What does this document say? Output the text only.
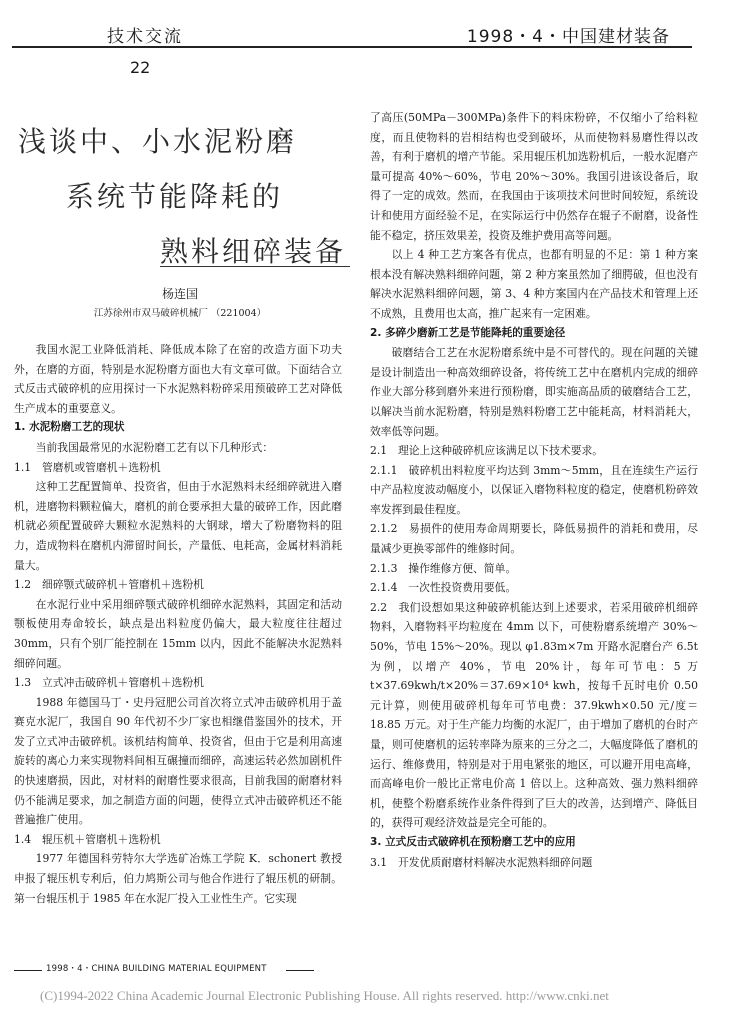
技术交流	1998・4・中国建材装备
22
浅谈中、小水泥粉磨
系统节能降耗的
熟料细碎装备
杨连国
江苏徐州市双马破碎机械厂 （221004）

我国水泥工业降低消耗、降低成本除了在窑的改造方面下功夫外，在磨的方面，特别是水泥粉磨方面也大有文章可做。下面结合立式反击式破碎机的应用探讨一下水泥熟料粉碎采用预破碎工艺对降低生产成本的重要意义。

1. 水泥粉磨工艺的现状

当前我国最常见的水泥粉磨工艺有以下几种形式：

1.1　管磨机或管磨机＋选粉机

这种工艺配置简单、投资省，但由于水泥熟料未经细碎就进入磨机，进磨物料颗粒偏大，磨机的前仓要承担大量的破碎工作，因此磨机就必须配置破碎大颗粒水泥熟料的大钢球，增大了粉磨物料的阻力，造成物料在磨机内滞留时间长，产量低、电耗高，金属材料消耗量大。

1.2　细碎颚式破碎机＋管磨机＋选粉机

在水泥行业中采用细碎颚式破碎机细碎水泥熟料，其固定和活动颚板使用寿命较长，缺点是出料粒度仍偏大，最大粒度往往超过 30mm，只有个别厂能控制在 15mm 以内，因此不能解决水泥熟料细碎问题。

1.3　立式冲击破碎机＋管磨机＋选粉机

1988 年德国马丁・史丹冠肥公司首次将立式冲击破碎机用于盖赛克水泥厂，我国自 90 年代初不少厂家也相继借鉴国外的技术，开发了立式冲击破碎机。该机结构简单、投资省，但由于它是利用高速旋转的离心力来实现物料间相互碾撞而细碎，高速运转必然加剧机件的快速磨损，因此，对材料的耐磨性要求很高，目前我国的耐磨材料仍不能满足要求，加之制造方面的问题，使得立式冲击破碎机还不能普遍推广使用。

1.4　辊压机＋管磨机＋选粉机

1977 年德国科劳特尔大学选矿冶炼工学院 K．schonert 教授申报了辊压机专利后，伯力鸠斯公司与他合作进行了辊压机的研制。第一台辊压机于 1985 年在水泥厂投入工业性生产。它实现

了高压(50MPa－300MPa)条件下的料床粉碎，不仅缩小了给料粒度，而且使物料的岩相结构也受到破坏，从而使物料易磨性得以改善，有利于磨机的增产节能。采用辊压机加选粉机后，一般水泥磨产量可提高 40%～60%，节电 20%～30%。我国引进该设备后，取得了一定的成效。然而，在我国由于该项技术问世时间较短，系统设计和使用方面经验不足，在实际运行中仍然存在辊子不耐磨，设备性能不稳定，挤压效果差，投资及维护费用高等问题。

以上 4 种工艺方案各有优点，也都有明显的不足：第 1 种方案根本没有解决熟料细碎问题，第 2 种方案虽然加了细腭破，但也没有解决水泥熟料细碎问题，第 3、4 种方案国内在产品技术和管理上还不成熟，且费用也太高，推广起来有一定困难。

2. 多碎少磨新工艺是节能降耗的重要途径

破磨结合工艺在水泥粉磨系统中是不可替代的。现在问题的关键是设计制造出一种高效细碎设备，将传统工艺中在磨机内完成的细碎作业大部分移到磨外来进行预粉磨，即实施高品质的破磨结合工艺，以解决当前水泥粉磨，特别是熟料粉磨工艺中能耗高，材料消耗大，效率低等问题。

2.1　理论上这种破碎机应该满足以下技术要求。

2.1.1　破碎机出料粒度平均达到 3mm～5mm，且在连续生产运行中产品粒度波动幅度小，以保证入磨物料粒度的稳定，使磨机粉碎效率发挥到最佳程度。

2.1.2　易损件的使用寿命周期要长，降低易损件的消耗和费用，尽量减少更换零部件的维修时间。

2.1.3　操作维修方便、简单。

2.1.4　一次性投资费用要低。

2.2　我们设想如果这种破碎机能达到上述要求，若采用破碎机细碎物料，入磨物料平均粒度在 4mm 以下，可使粉磨系统增产 30%～50%，节电 15%～20%。现以 φ1.83m×7m 开路水泥磨台产 6.5t 为例，以增产 40%，节电 20%计，每年可节电：5 万 t×37.69kwh/t×20%＝37.69×10⁴ kwh，按每千瓦时电价 0.50 元计算，则使用破碎机每年可节电费：37.9kwh×0.50 元/度＝18.85 万元。对于生产能力均衡的水泥厂，由于增加了磨机的台时产量，则可使磨机的运转率降为原来的三分之二，大幅度降低了磨机的运行、维修费用，特别是对于用电紧张的地区，可以避开用电高峰，而高峰电价一般比正常电价高 1 倍以上。这种高效、强力熟料细碎机，使整个粉磨系统作业条件得到了巨大的改善，达到增产、降低目的，获得可观经济效益是完全可能的。

3. 立式反击式破碎机在预粉磨工艺中的应用

3.1　开发优质耐磨材料解决水泥熟料细碎问题

1998・4・CHINA BUILDING MATERIAL EQUIPMENT
(C)1994-2022 China Academic Journal Electronic Publishing House. All rights reserved. http://www.cnki.net
